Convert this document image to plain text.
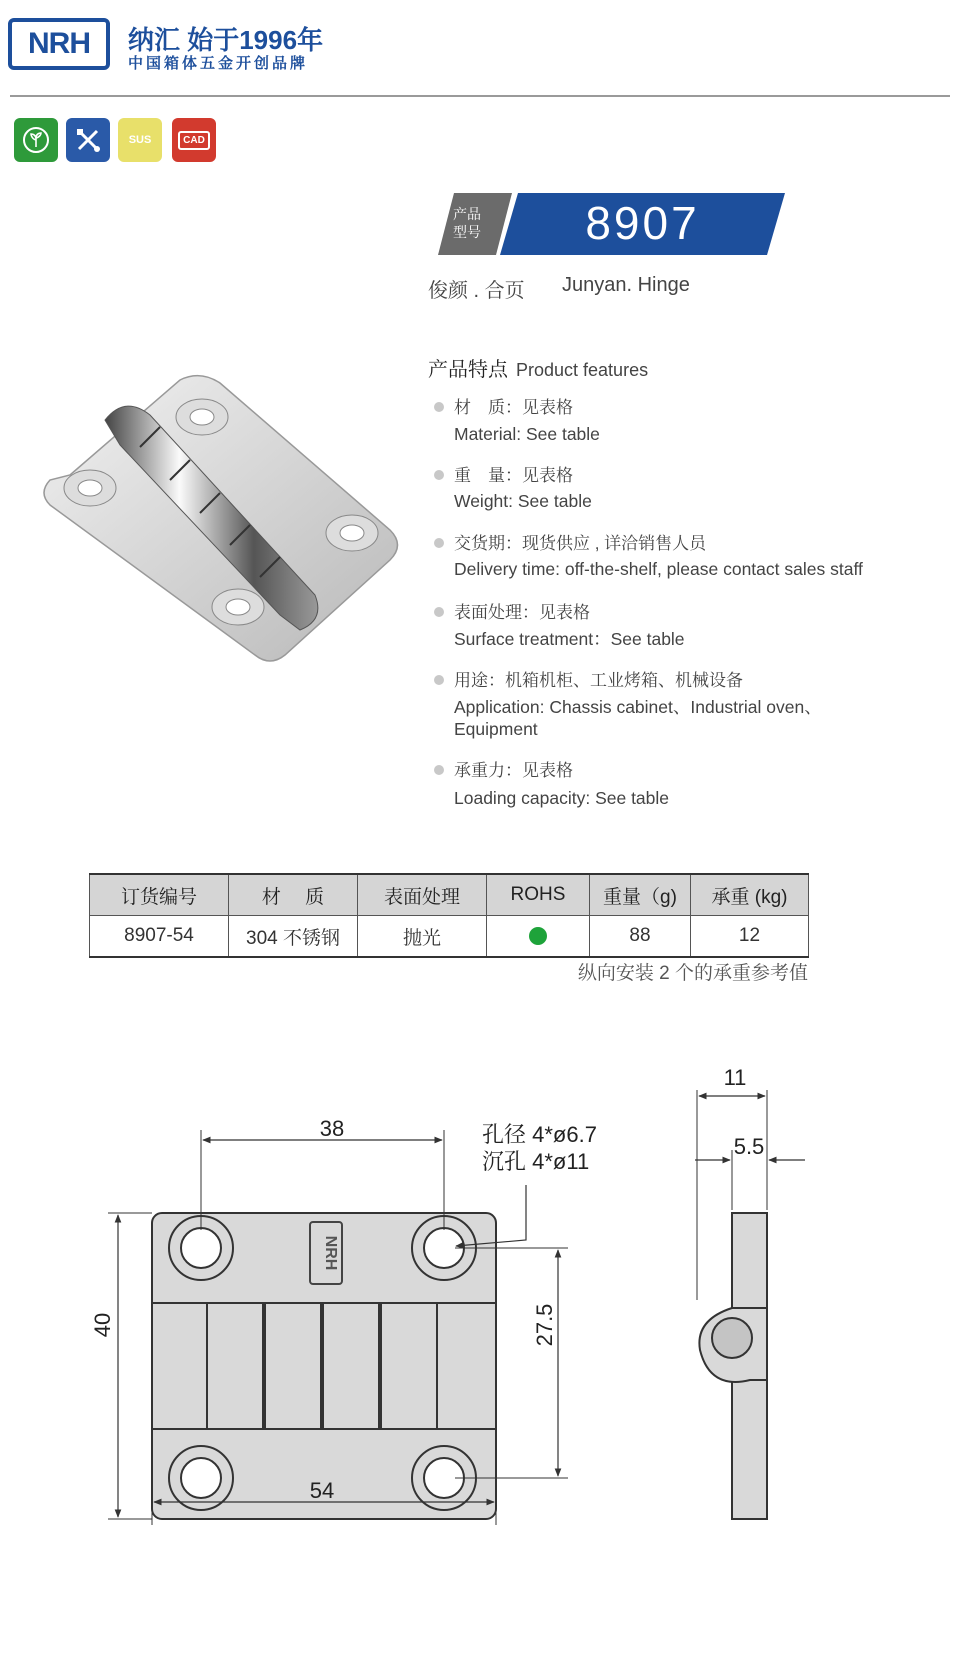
NRH 纳汇 始于1996年
中国箱体五金开创品牌
SUS	CAD
产品
型号	8907
俊颜 . 合页 Junyan. Hinge
产品特点 Product features
材　质：见表格
Material: See table
重　量：见表格
Weight: See table
交货期：现货供应 , 详洽销售人员
Delivery time: off-the-shelf, please contact sales staff
表面处理：见表格
Surface treatment：See table
用途：机箱机柜、工业烤箱、机械设备
Application: Chassis cabinet、Industrial oven、Equipment
承重力：见表格
Loading capacity: See table
订货编号	材　 质	表面处理	ROHS	重量（g)	承重 (kg)
8907-54	304 不锈钢	抛光		88	12
纵向安装 2 个的承重参考值
NRH
38
40
54
27.5
孔径 4*ø6.7
沉孔 4*ø11
11
5.5
